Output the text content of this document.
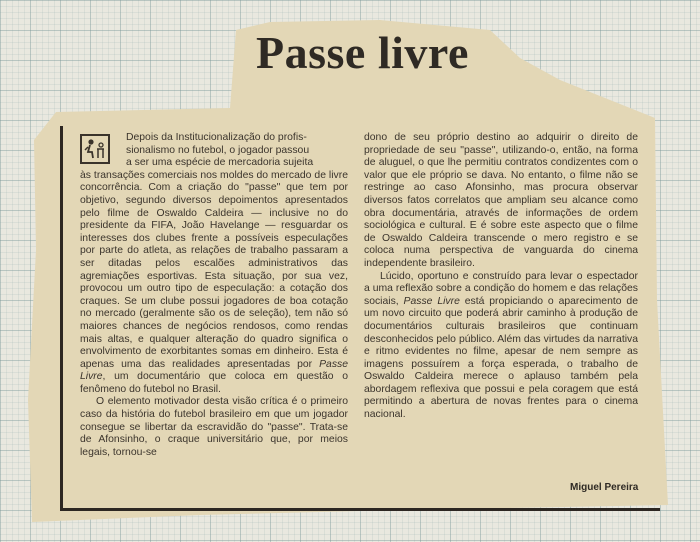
Passe livre
Depois da Institucionalização do profis-
sionalismo no futebol, o jogador passou
a ser uma espécie de mercadoria sujeita

às transações comerciais nos moldes do mercado de livre concorrência. Com a criação do "passe" que tem por objetivo, segundo diversos depoimentos apresentados pelo filme de Oswaldo Caldeira — inclusive no do presidente da FIFA, João Havelange — resguardar os interesses dos clubes frente a possíveis especulações por parte do atleta, as relações de trabalho passaram a ser ditadas pelos escalões administrativos das agremiações esportivas. Esta situação, por sua vez, provocou um outro tipo de especulação: a cotação dos craques. Se um clube possui jogadores de boa cotação no mercado (geralmente são os de seleção), tem não só maiores chances de negócios rendosos, como rendas mais altas, e qualquer alteração do quadro significa o envolvimento de exorbitantes somas em dinheiro. Esta é apenas uma das realidades apresentadas por Passe Livre, um documentário que coloca em questão o fenômeno do futebol no Brasil.

O elemento motivador desta visão crítica é o primeiro caso da história do futebol brasileiro em que um jogador consegue se libertar da escravidão do "passe". Trata-se de Afonsinho, o craque universitário que, por meios legais, tornou-se

dono de seu próprio destino ao adquirir o direito de propriedade de seu "passe", utilizando-o, então, na forma de aluguel, o que lhe permitiu contratos condizentes com o valor que ele próprio se dava. No entanto, o filme não se restringe ao caso Afonsinho, mas procura observar diversos fatos correlatos que ampliam seu alcance como obra documentária, através de informações de ordem sociológica e cultural. E é sobre este aspecto que o filme de Oswaldo Caldeira transcende o mero registro e se coloca numa perspectiva de vanguarda do cinema independente brasileiro.

Lúcido, oportuno e construído para levar o espectador a uma reflexão sobre a condição do homem e das relações sociais, Passe Livre está propiciando o aparecimento de um novo circuito que poderá abrir caminho à produção de documentários culturais brasileiros que continuam desconhecidos pelo público. Além das virtudes da narrativa e ritmo evidentes no filme, apesar de nem sempre as imagens possuírem a força esperada, o trabalho de Oswaldo Caldeira merece o aplauso também pela abordagem reflexiva que possui e pela coragem que está permitindo a abertura de novas frentes para o cinema nacional.

Miguel Pereira
